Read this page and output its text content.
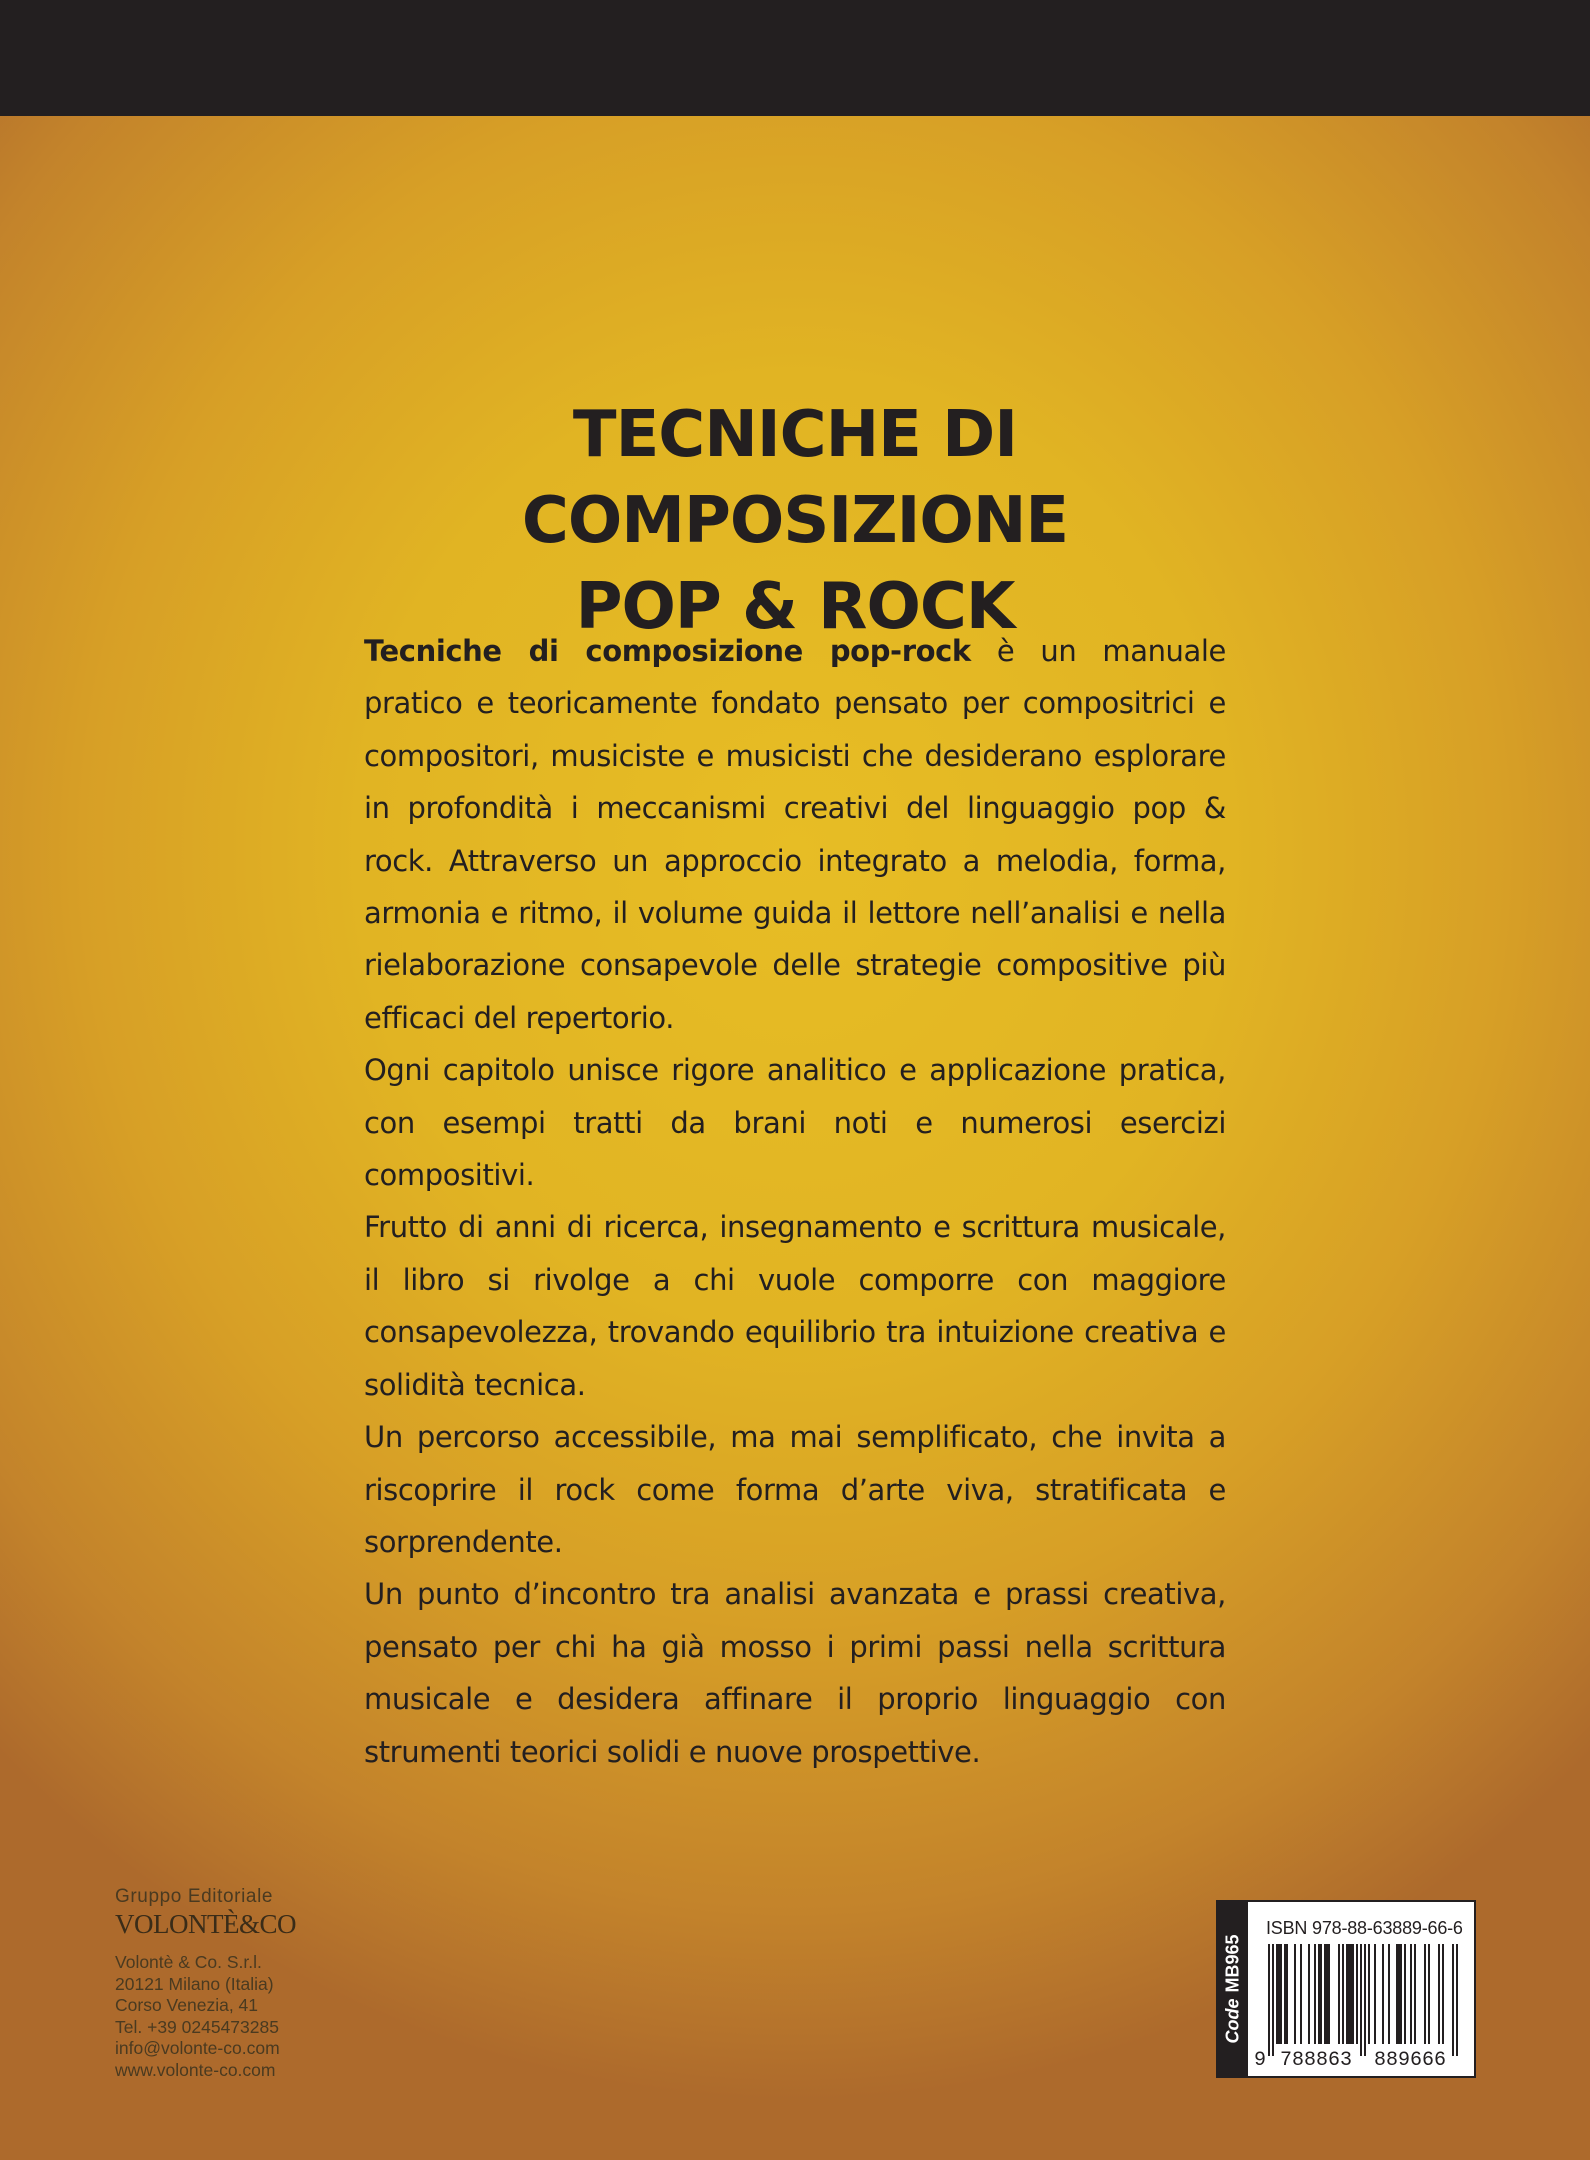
TECNICHE DI COMPOSIZIONE
POP & ROCK

Tecniche di composizione pop-rock è un manuale pratico e teoricamente fondato pensato per compositrici e compositori, musiciste e musicisti che desiderano esplorare in profondità i meccanismi creativi del linguaggio pop & rock. Attraverso un approccio integrato a melodia, forma, armonia e ritmo, il volume guida il lettore nell’analisi e nella rielaborazione consapevole delle strategie compositive più efficaci del repertorio.

Ogni capitolo unisce rigore analitico e applicazione pratica, con esempi tratti da brani noti e numerosi esercizi compositivi.

Frutto di anni di ricerca, insegnamento e scrittura musicale, il libro si rivolge a chi vuole comporre con maggiore consapevolezza, trovando equilibrio tra intuizione creativa e solidità tecnica.

Un percorso accessibile, ma mai semplificato, che invita a riscoprire il rock come forma d’arte viva, stratificata e sorprendente.

Un punto d’incontro tra analisi avanzata e prassi creativa, pensato per chi ha già mosso i primi passi nella scrittura musicale e desidera affinare il proprio linguaggio con strumenti teorici solidi e nuove prospettive.

Gruppo Editoriale
VOLONTÈ&CO
Volontè & Co. S.r.l.
20121 Milano (Italia)
Corso Venezia, 41
Tel. +39 0245473285
info@volonte-co.com
www.volonte-co.com
CodeMB965
ISBN 978-88-63889-66-6
9 788863 889666
